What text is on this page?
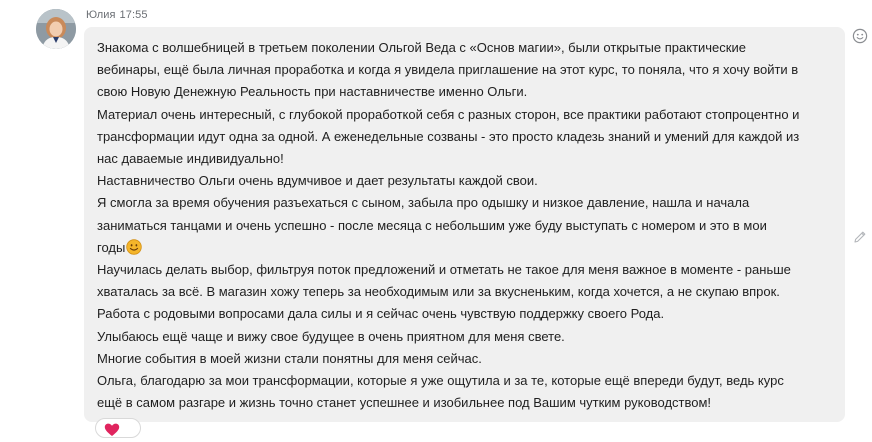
Юлия 17:55

Знакома с волшебницей в третьем поколении Ольгой Веда с «Основ магии», были открытые практические
вебинары, ещё была личная проработка и когда я увидела приглашение на этот курс, то поняла, что я хочу войти в
свою Новую Денежную Реальность при наставничестве именно Ольги.

Материал очень интересный, с глубокой проработкой себя с разных сторон, все практики работают стопроцентно и
трансформации идут одна за одной. А еженедельные созваны - это просто кладезь знаний и умений для каждой из
нас даваемые индивидуально!

Наставничество Ольги очень вдумчивое и дает результаты каждой свои.

Я смогла за время обучения разъехаться с сыном, забыла про одышку и низкое давление, нашла и начала
заниматься танцами и очень успешно - после месяца с небольшим уже буду выступать с номером и это в мои
годы

Научилась делать выбор, фильтруя поток предложений и отметать не такое для меня важное в моменте - раньше
хваталась за всё. В магазин хожу теперь за необходимым или за вкусненьким, когда хочется, а не скупаю впрок.

Работа с родовыми вопросами дала силы и я сейчас очень чувствую поддержку своего Рода.

Улыбаюсь ещё чаще и вижу свое будущее в очень приятном для меня свете.

Многие события в моей жизни стали понятны для меня сейчас.

Ольга, благодарю за мои трансформации, которые я уже ощутила и за те, которые ещё впереди будут, ведь курс
ещё в самом разгаре и жизнь точно станет успешнее и изобильнее под Вашим чутким руководством!
